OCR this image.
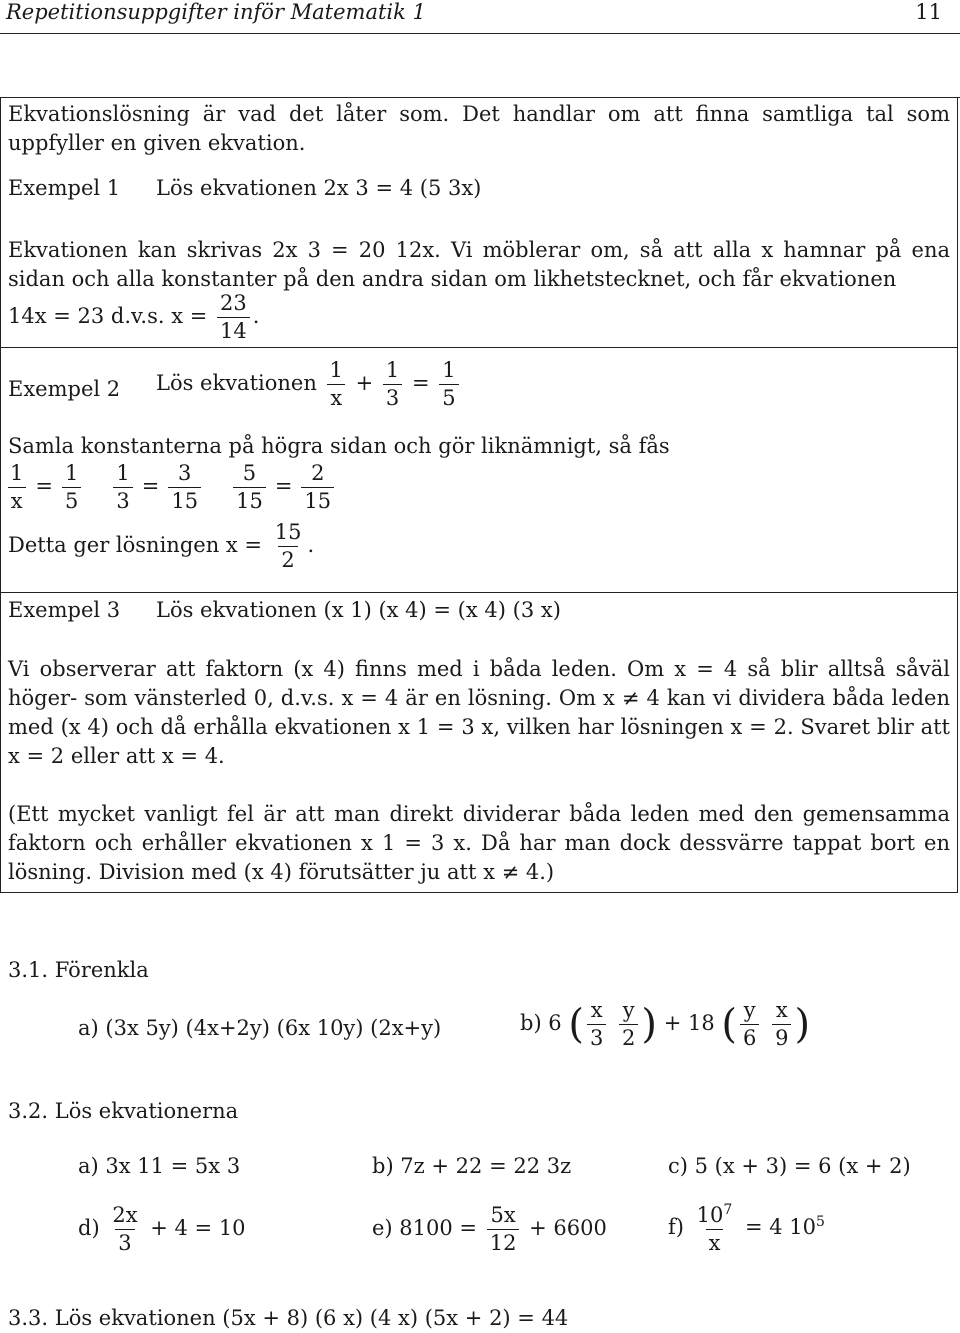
Repetitionsuppgifter inför Matematik 1	11
Ekvationslösning är vad det låter som. Det handlar om att finna samtliga tal som uppfyller en given ekvation.
Exempel 1 Lös ekvationen 2x 3 = 4 (5 3x)
Ekvationen kan skrivas 2x 3 = 20 12x. Vi möblerar om, så att alla x hamnar på ena sidan och alla konstanter på den andra sidan om likhetstecknet, och får ekvationen
14x = 23 d.v.s. $x = \frac{23}{14}$ .
Exempel 2 Lös ekvationen $\frac{1}{x} + \frac{1}{3} = \frac{1}{5}$
Samla konstanterna på högra sidan och gör liknämnigt, så fås
$\frac{1}{x} = \frac{1}{5} \frac{1}{3} = \frac{3}{15} \frac{5}{15} = \frac{2}{15}$
Detta ger lösningen $x = \frac{15}{2}$ .
Exempel 3 Lös ekvationen (x 1) (x 4) = (x 4) (3 x)
Vi observerar att faktorn (x 4) finns med i båda leden. Om x = 4 så blir alltså såväl höger- som vänsterled 0, d.v.s. x = 4 är en lösning. Om x ≠ 4 kan vi dividera båda leden med (x 4) och då erhålla ekvationen x 1 = 3 x, vilken har lösningen x = 2. Svaret blir att x = 2 eller att x = 4.
(Ett mycket vanligt fel är att man direkt dividerar båda leden med den gemensamma faktorn och erhåller ekvationen x 1 = 3 x. Då har man dock dessvärre tappat bort en lösning. Division med (x 4) förutsätter ju att x ≠ 4.)
3.1. Förenkla
a) (3x 5y) (4x+2y) (6x 10y) (2x+y)	b) 6 ( $\frac{x}{3}$
$\frac{y}{2}$ ) + 18 ( $\frac{y}{6}$
$\frac{x}{9}$ )
3.2. Lös ekvationerna
a) 3x 11 = 5x 3	b) 7z + 22 = 22 3z	c) 5 (x + 3) = 6 (x + 2)
$d) \frac{2x}{3} + 4 = 10$	e) $8100 = \frac{5x}{12} + 6600$	$f) \frac{10^7}{x} = 4$ $10^5$
3.3. Lös ekvationen (5x + 8) (6 x) (4 x) (5x + 2) = 44
